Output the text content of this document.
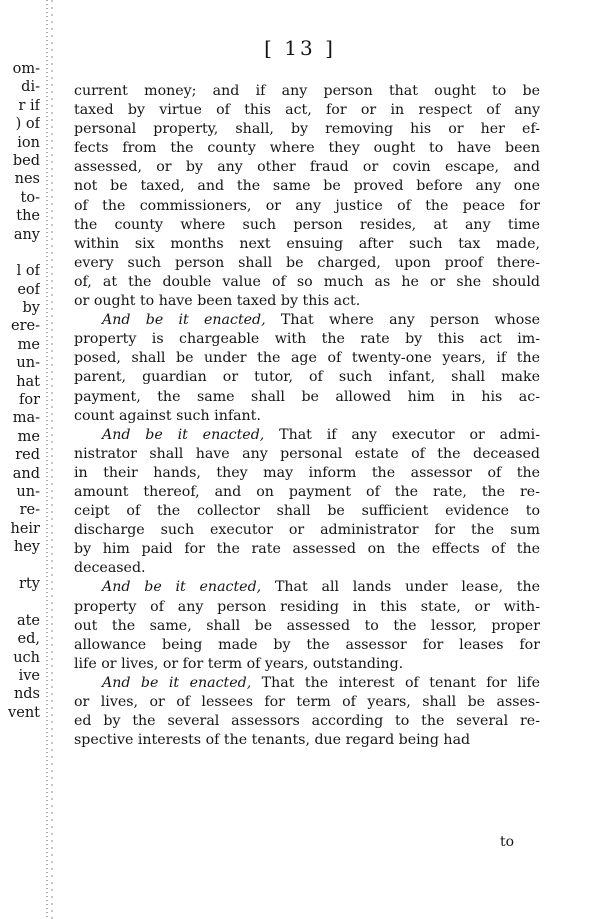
om-
di-
r if
) of
ion
bed
nes
to-
the
any
l of
eof
by
ere-
me
un-
hat
for
ma-
me
red
and
un-
re-
heir
hey
rty
ate
ed,
uch
ive
nds
vent
[ 13 ]
current money; and if any person that ought to be
taxed by virtue of this act, for or in respect of any
personal property, shall, by removing his or her ef-
fects from the county where they ought to have been
assessed, or by any other fraud or covin escape, and
not be taxed, and the same be proved before any one
of the commissioners, or any justice of the peace for
the county where such person resides, at any time
within six months next ensuing after such tax made,
every such person shall be charged, upon proof there-
of, at the double value of so much as he or she should
or ought to have been taxed by this act.
And be it enacted, That where any person whose
property is chargeable with the rate by this act im-
posed, shall be under the age of twenty-one years, if the
parent, guardian or tutor, of such infant, shall make
payment, the same shall be allowed him in his ac-
count against such infant.
And be it enacted, That if any executor or admi-
nistrator shall have any personal estate of the deceased
in their hands, they may inform the assessor of the
amount thereof, and on payment of the rate, the re-
ceipt of the collector shall be sufficient evidence to
discharge such executor or administrator for the sum
by him paid for the rate assessed on the effects of the
deceased.
And be it enacted, That all lands under lease, the
property of any person residing in this state, or with-
out the same, shall be assessed to the lessor, proper
allowance being made by the assessor for leases for
life or lives, or for term of years, outstanding.
And be it enacted, That the interest of tenant for life
or lives, or of lessees for term of years, shall be asses-
ed by the several assessors according to the several re-
spective interests of the tenants, due regard being had
to
